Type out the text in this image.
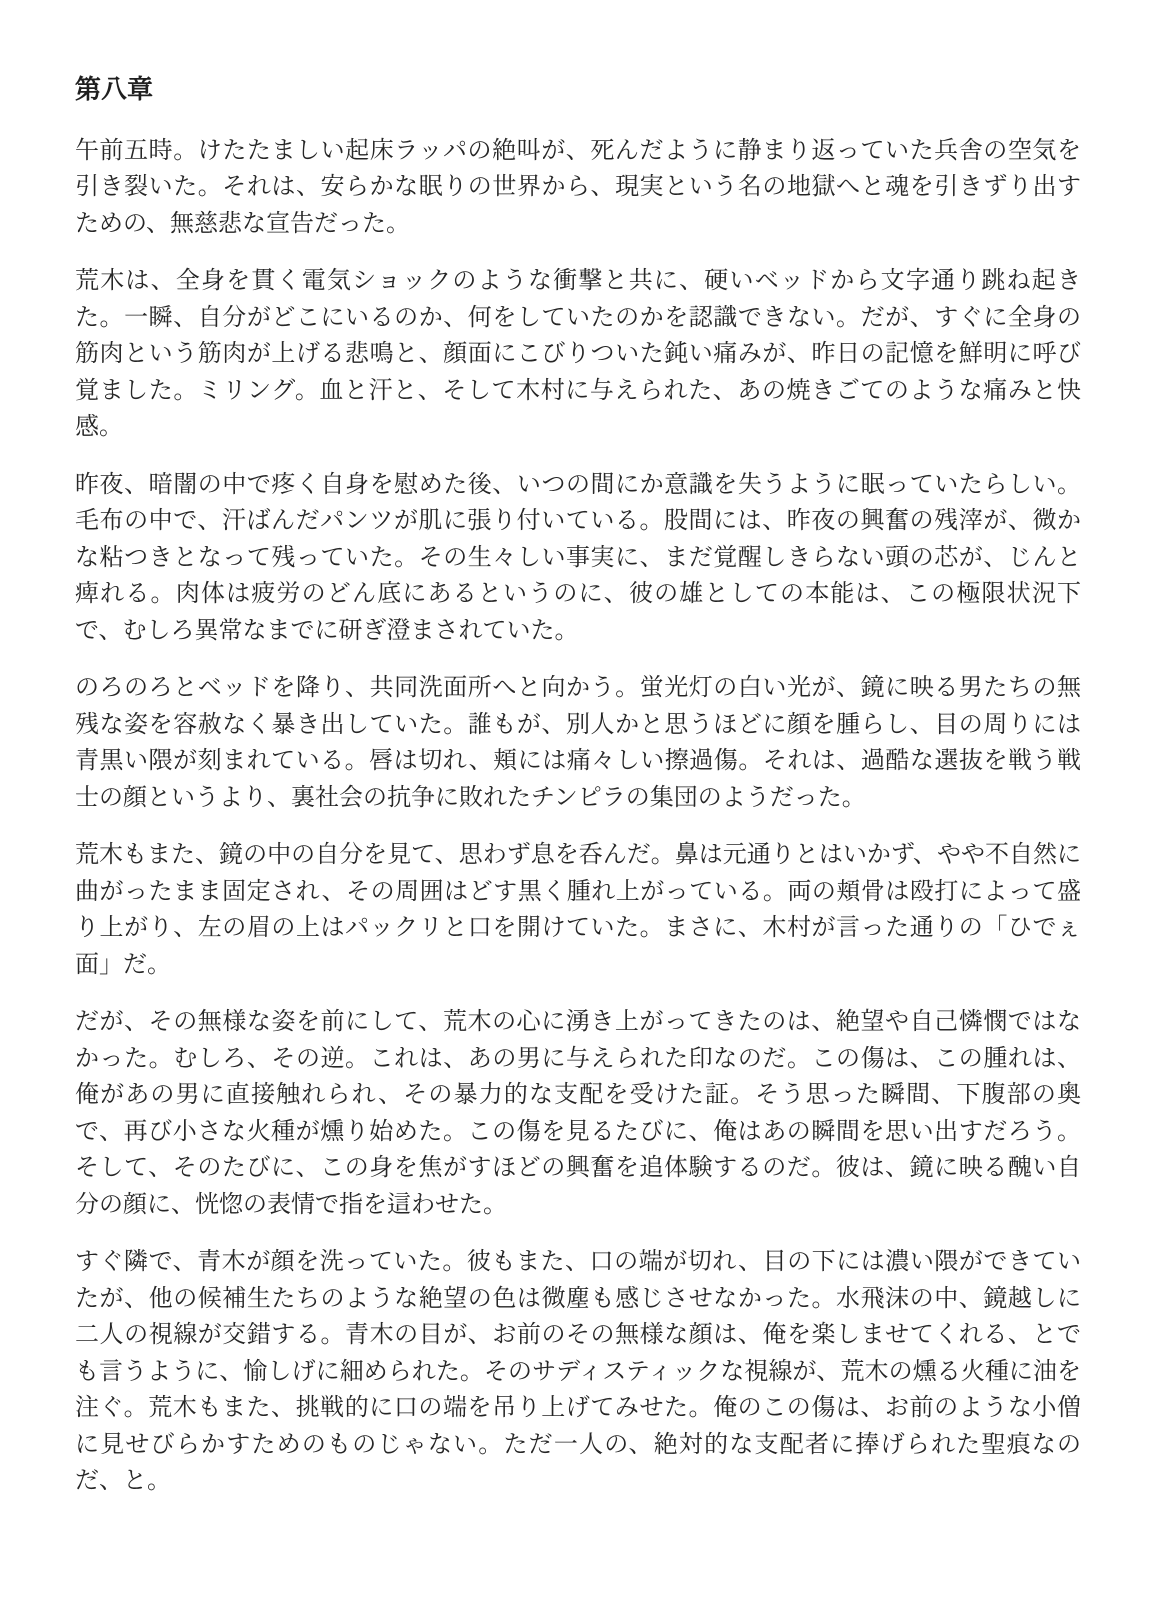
第八章

午前五時。けたたましい起床ラッパの絶叫が、死んだように静まり返っていた兵舎の空気を引き裂いた。それは、安らかな眠りの世界から、現実という名の地獄へと魂を引きずり出すための、無慈悲な宣告だった。

荒木は、全身を貫く電気ショックのような衝撃と共に、硬いベッドから文字通り跳ね起きた。一瞬、自分がどこにいるのか、何をしていたのかを認識できない。だが、すぐに全身の筋肉という筋肉が上げる悲鳴と、顔面にこびりついた鈍い痛みが、昨日の記憶を鮮明に呼び覚ました。ミリング。血と汗と、そして木村に与えられた、あの焼きごてのような痛みと快感。

昨夜、暗闇の中で疼く自身を慰めた後、いつの間にか意識を失うように眠っていたらしい。毛布の中で、汗ばんだパンツが肌に張り付いている。股間には、昨夜の興奮の残滓が、微かな粘つきとなって残っていた。その生々しい事実に、まだ覚醒しきらない頭の芯が、じんと痺れる。肉体は疲労のどん底にあるというのに、彼の雄としての本能は、この極限状況下で、むしろ異常なまでに研ぎ澄まされていた。

のろのろとベッドを降り、共同洗面所へと向かう。蛍光灯の白い光が、鏡に映る男たちの無残な姿を容赦なく暴き出していた。誰もが、別人かと思うほどに顔を腫らし、目の周りには青黒い隈が刻まれている。唇は切れ、頬には痛々しい擦過傷。それは、過酷な選抜を戦う戦士の顔というより、裏社会の抗争に敗れたチンピラの集団のようだった。

荒木もまた、鏡の中の自分を見て、思わず息を呑んだ。鼻は元通りとはいかず、やや不自然に曲がったまま固定され、その周囲はどす黒く腫れ上がっている。両の頬骨は殴打によって盛り上がり、左の眉の上はパックリと口を開けていた。まさに、木村が言った通りの「ひでぇ面」だ。

だが、その無様な姿を前にして、荒木の心に湧き上がってきたのは、絶望や自己憐憫ではなかった。むしろ、その逆。これは、あの男に与えられた印なのだ。この傷は、この腫れは、俺があの男に直接触れられ、その暴力的な支配を受けた証。そう思った瞬間、下腹部の奥で、再び小さな火種が燻り始めた。この傷を見るたびに、俺はあの瞬間を思い出すだろう。そして、そのたびに、この身を焦がすほどの興奮を追体験するのだ。彼は、鏡に映る醜い自分の顔に、恍惚の表情で指を這わせた。

すぐ隣で、青木が顔を洗っていた。彼もまた、口の端が切れ、目の下には濃い隈ができていたが、他の候補生たちのような絶望の色は微塵も感じさせなかった。水飛沫の中、鏡越しに二人の視線が交錯する。青木の目が、お前のその無様な顔は、俺を楽しませてくれる、とでも言うように、愉しげに細められた。そのサディスティックな視線が、荒木の燻る火種に油を注ぐ。荒木もまた、挑戦的に口の端を吊り上げてみせた。俺のこの傷は、お前のような小僧に見せびらかすためのものじゃない。ただ一人の、絶対的な支配者に捧げられた聖痕なのだ、と。
